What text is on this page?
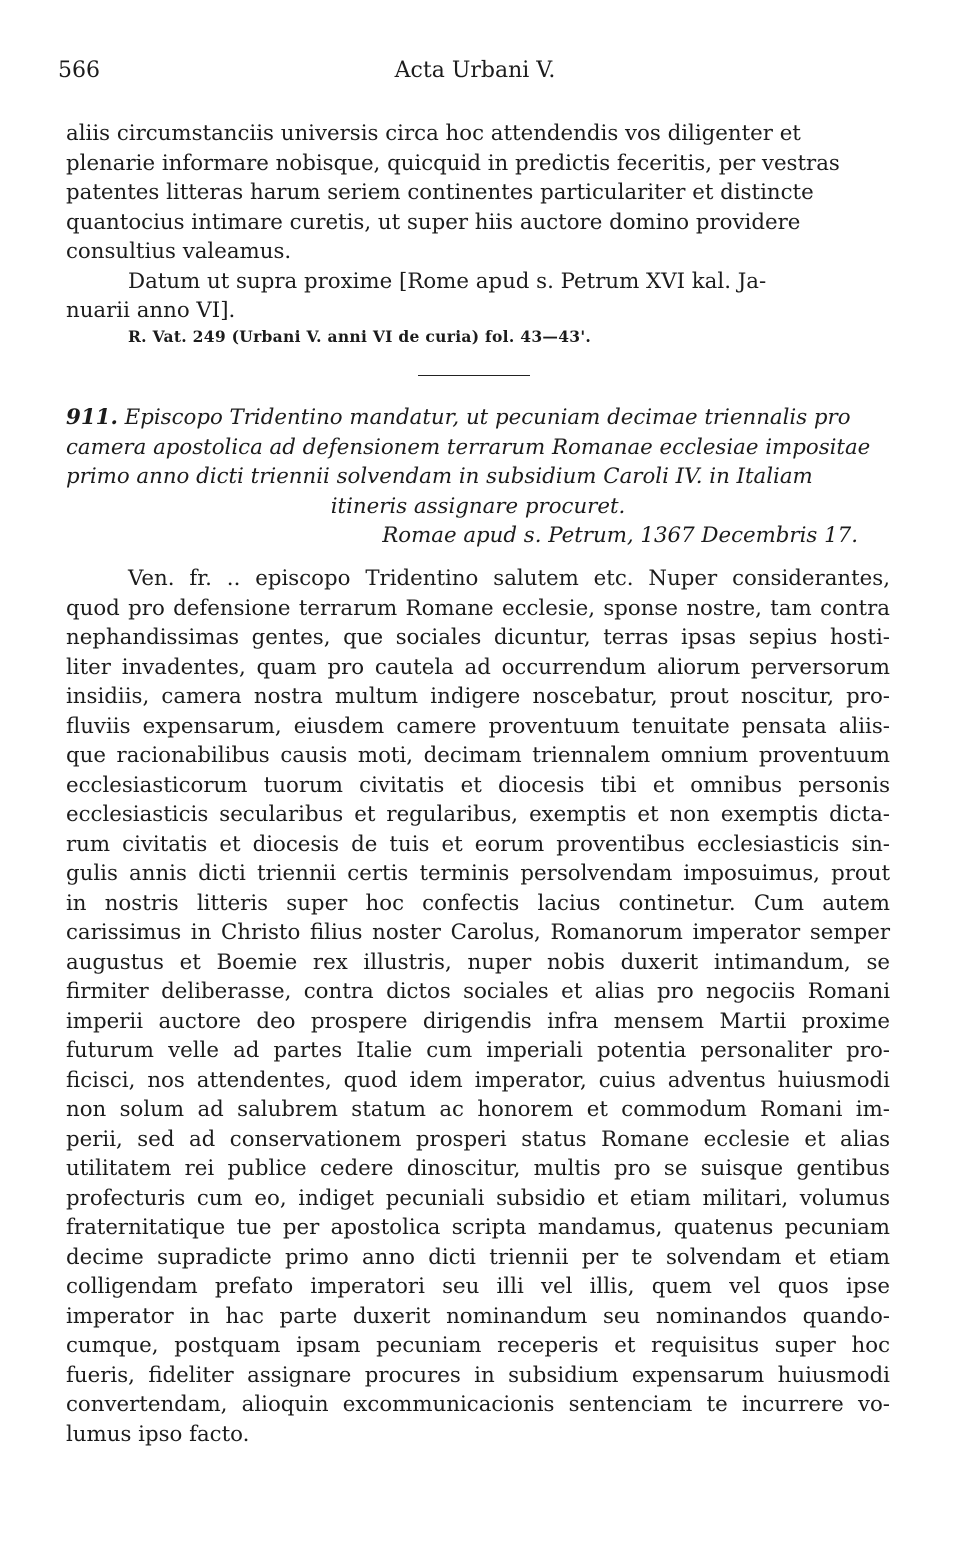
566	Acta Urbani V.
aliis circumstanciis universis circa hoc attendendis vos diligenter et
plenarie informare nobisque, quicquid in predictis feceritis, per vestras
patentes litteras harum seriem continentes particulariter et distincte
quantocius intimare curetis, ut super hiis auctore domino providere
consultius valeamus.
Datum ut supra proxime [Rome apud s. Petrum XVI kal. Ja-
nuarii anno VI].
R. Vat. 249 (Urbani V. anni VI de curia) fol. 43—43'.
911. Episcopo Tridentino mandatur, ut pecuniam decimae triennalis pro
camera apostolica ad defensionem terrarum Romanae ecclesiae impositae
primo anno dicti triennii solvendam in subsidium Caroli IV. in Italiam
itineris assignare procuret.
Romae apud s. Petrum, 1367 Decembris 17.
Ven. fr. .. episcopo Tridentino salutem etc. Nuper considerantes,
quod pro defensione terrarum Romane ecclesie, sponse nostre, tam contra
nephandissimas gentes, que sociales dicuntur, terras ipsas sepius hosti-
liter invadentes, quam pro cautela ad occurrendum aliorum perversorum
insidiis, camera nostra multum indigere noscebatur, prout noscitur, pro-
fluviis expensarum, eiusdem camere proventuum tenuitate pensata aliis-
que racionabilibus causis moti, decimam triennalem omnium proventuum
ecclesiasticorum tuorum civitatis et diocesis tibi et omnibus personis
ecclesiasticis secularibus et regularibus, exemptis et non exemptis dicta-
rum civitatis et diocesis de tuis et eorum proventibus ecclesiasticis sin-
gulis annis dicti triennii certis terminis persolvendam imposuimus, prout
in nostris litteris super hoc confectis lacius continetur. Cum autem
carissimus in Christo filius noster Carolus, Romanorum imperator semper
augustus et Boemie rex illustris, nuper nobis duxerit intimandum, se
firmiter deliberasse, contra dictos sociales et alias pro negociis Romani
imperii auctore deo prospere dirigendis infra mensem Martii proxime
futurum velle ad partes Italie cum imperiali potentia personaliter pro-
ficisci, nos attendentes, quod idem imperator, cuius adventus huiusmodi
non solum ad salubrem statum ac honorem et commodum Romani im-
perii, sed ad conservationem prosperi status Romane ecclesie et alias
utilitatem rei publice cedere dinoscitur, multis pro se suisque gentibus
profecturis cum eo, indiget pecuniali subsidio et etiam militari, volumus
fraternitatique tue per apostolica scripta mandamus, quatenus pecuniam
decime supradicte primo anno dicti triennii per te solvendam et etiam
colligendam prefato imperatori seu illi vel illis, quem vel quos ipse
imperator in hac parte duxerit nominandum seu nominandos quando-
cumque, postquam ipsam pecuniam receperis et requisitus super hoc
fueris, fideliter assignare procures in subsidium expensarum huiusmodi
convertendam, alioquin excommunicacionis sentenciam te incurrere vo-
lumus ipso facto.
